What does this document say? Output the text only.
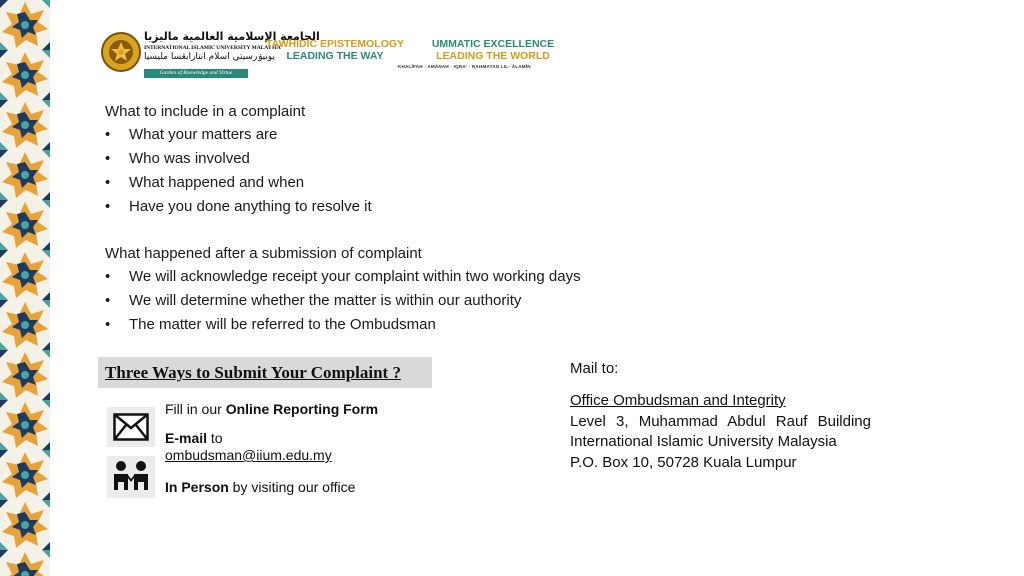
الجامعة الإسلامية العالمية ماليزيا
INTERNATIONAL ISLAMIC UNIVERSITY MALAYSIA
يونيۏرسيتي اسلام انتارابڠسا مليسيا
Garden of Knowledge and Virtue
TAWHIDIC EPISTEMOLOGY
LEADING THE WAY
UMMATIC EXCELLENCE
LEADING THE WORLD
KHALĪFAH · AMĀNAH · IQRA' · RAHMATAN LIL-ʿĀLAMĪN
What to include in a complaint
• What your matters are
• Who was involved
• What happened and when
• Have you done anything to resolve it
What happened after a submission of complaint
• We will acknowledge receipt your complaint within two working days
• We will determine whether the matter is within our authority
• The matter will be referred to the Ombudsman
Three Ways to Submit Your Complaint ?
Fill in our Online Reporting Form
E-mail to
ombudsman@iium.edu.my
In Person by visiting our office
Mail to:
Office Ombudsman and Integrity
Level 3, Muhammad Abdul Rauf Building
International Islamic University Malaysia
P.O. Box 10, 50728 Kuala Lumpur
